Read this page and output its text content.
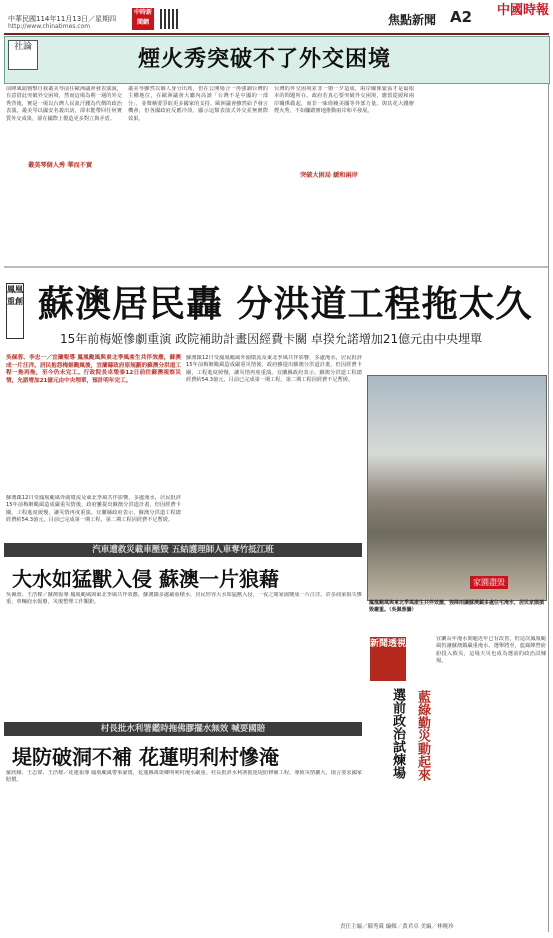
中華民國114年11月13日／星期四
http://www.chinatimes.com
中時新聞網	焦點新聞 A2 中國時報
社論	煙火秀突破不了外交困境
前陣風頭號擊自我叢美琴前往歐洲議會發表演說，有意借此突破外交困境，然而這場為期一週的外交秀背後，實是一場以台灣人民血汗錢為代價的政治表演。叢美琴以國安名義出訪，卻未能帶回任何實質外交成果，卻在國際上製造更多對立與矛盾。
叢美琴個人秀 華而不實
叢美琴雖然以個人身分出席，但在公開場合一再強調台灣的主權地位，在歐洲議會大廳內高談「台灣不是中國的一部分」，並聲稱要爭取更多國家的支持。歐洲議會雖然給予發言機會，但各國政府反應冷淡，顯示這類表演式外交並無實際效果。
台灣的外交困境並非一朝一夕造成，兩岸關係緊張才是最根本的問題所在。政府若真心要突破外交困境，應當從緩和兩岸關係做起，而非一味倚賴美國等外部力量。與其花大錢辦煙火秀，不如腳踏實地推動兩岸和平發展。
突破大困局 緩和兩岸
鳳凰重創 蘇澳居民轟 分洪道工程拖太久
15年前梅姬慘劇重演 政院補助計畫因經費卡關 卓揆允諾增加21億元由中央埋單
吳佩蓉、李忠一／宜蘭報導 鳳凰颱風與東北季風產生共伴效應，蘇澳成一片汪洋。居民抱怨梅姬颱風後，宜蘭縣政府原規劃的蘇澳分洪道工程一拖再拖，至今仍未完工。行政院長卓榮泰12日前往蘇澳視察災情，允諾增加21億元由中央埋單，預計明年完工。
蘇澳鎮12日受鳳凰颱風外圍環流及東北季風共伴影響，多處淹水，居民批評15年前梅姬颱風造成嚴重災情後，政府雖提出蘇澳分洪道計畫，但因經費卡關，工程進度緩慢，讓災情再度重演。宜蘭縣政府表示，蘇澳分洪道工程總經費約54.3億元，目前已完成第一期工程，第二期工程因經費不足暫緩。
蘇澳鎮12日受鳳凰颱風外圍環流及東北季風共伴影響，多處淹水，居民批評15年前梅姬颱風造成嚴重災情後，政府雖提出蘇澳分洪道計畫，但因經費卡關，工程進度緩慢，讓災情再度重演。宜蘭縣政府表示，蘇澳分洪道工程總經費約54.3億元，目前已完成第一期工程，第二期工程因經費不足暫緩。
家園盡毀
鳳凰颱風與東北季風產生共伴效應，強降雨讓蘇澳鎮多處住宅淹水，居民家園損毀嚴重。（吳佩蓉攝）
汽車遭救災載車壓毀 五結護理師人車奪竹抵江班
大水如猛獸入侵 蘇澳一片狼藉
吳佩蓉、王浩樑／蘇澳報導 鳳凰颱風與東北季風共伴效應，蘇澳鎮多處嚴重積水，居民形容大水如猛獸入侵，一夜之間家園變成一片汪洋。許多商家損失慘重，車輛泡水報廢，災後整理工作艱鉅。
村長批水利署鑑時拖佛膠擺水無效 喊要國賠
堤防破洞不補 花蓮明利村慘淹
羅欣緣、王志偉、王浩樑／花蓮報導 鳳凰颱風帶來豪雨，花蓮縣萬榮鄉明利村淹水嚴重。村長批評水利署拖延堤防修補工程，導致災情擴大，揚言要求國家賠償。
新聞透視
選前政治試煉場 藍綠勤災動起來
宜蘭長年淹水問題近年已有改善，但這次鳳凰颱風仍讓蘇澳鎮嚴重淹水。選舉將至，藍綠陣營紛紛投入救災，這場天災也成為選前的政治試煉場。
責任主編／陳秀葳 編輯／黃君卓 美編／林曉珍
